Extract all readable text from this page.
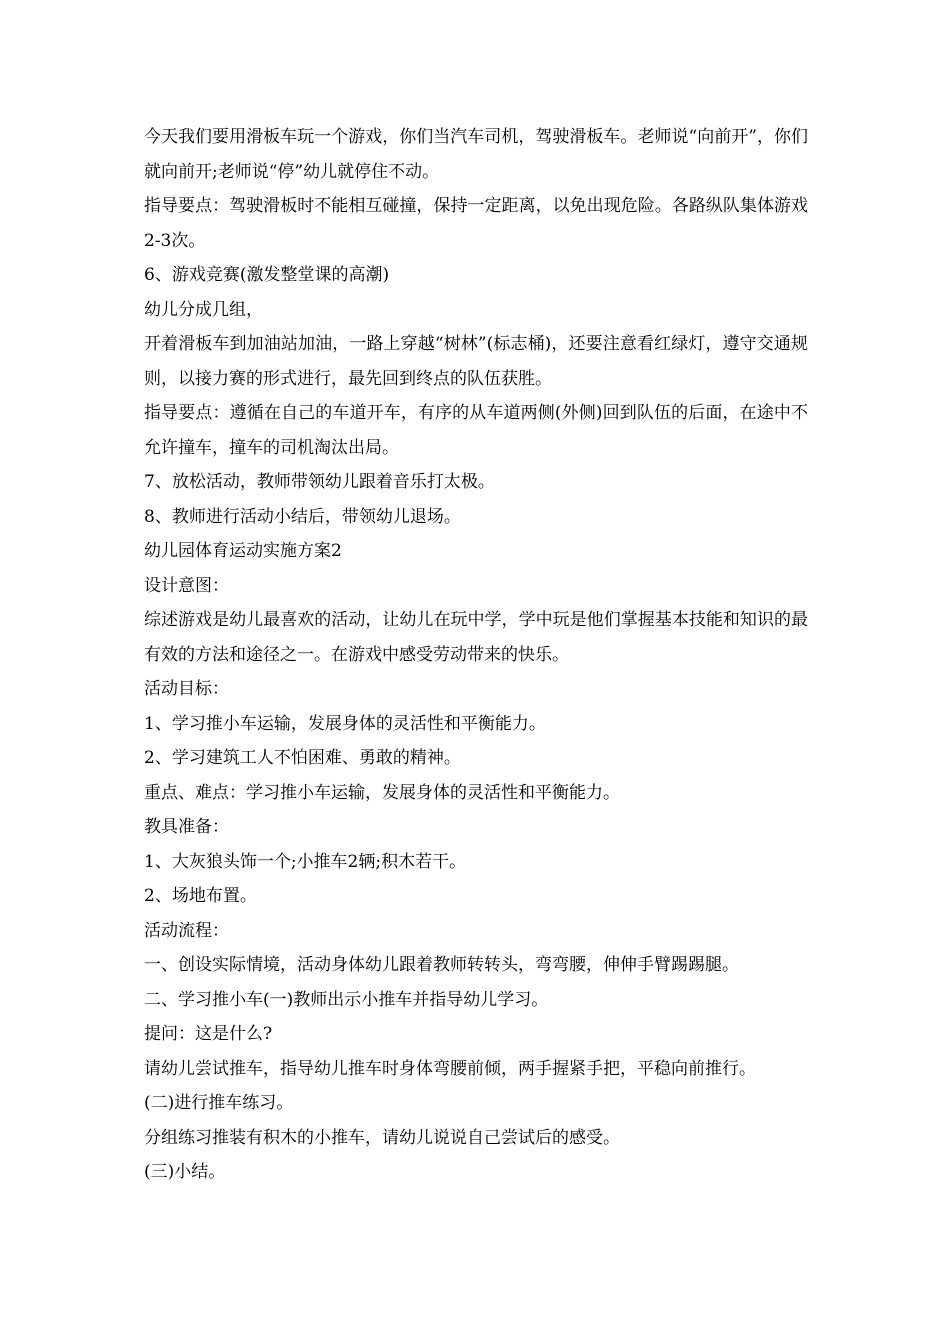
今天我们要用滑板车玩一个游戏，你们当汽车司机，驾驶滑板车。老师说“向前开”，你们就向前开;老师说“停”幼儿就停住不动。

指导要点：驾驶滑板时不能相互碰撞，保持一定距离，以免出现危险。各路纵队集体游戏2-3次。

6、游戏竞赛(激发整堂课的高潮)

幼儿分成几组，

开着滑板车到加油站加油，一路上穿越“树林”(标志桶)，还要注意看红绿灯，遵守交通规则，以接力赛的形式进行，最先回到终点的队伍获胜。

指导要点：遵循在自己的车道开车，有序的从车道两侧(外侧)回到队伍的后面，在途中不允许撞车，撞车的司机淘汰出局。

7、放松活动，教师带领幼儿跟着音乐打太极。

8、教师进行活动小结后，带领幼儿退场。

幼儿园体育运动实施方案2

设计意图：

综述游戏是幼儿最喜欢的活动，让幼儿在玩中学，学中玩是他们掌握基本技能和知识的最有效的方法和途径之一。在游戏中感受劳动带来的快乐。

活动目标：

1、学习推小车运输，发展身体的灵活性和平衡能力。

2、学习建筑工人不怕困难、勇敢的精神。

重点、难点：学习推小车运输，发展身体的灵活性和平衡能力。

教具准备：

1、大灰狼头饰一个;小推车2辆;积木若干。

2、场地布置。

活动流程：

一、创设实际情境，活动身体幼儿跟着教师转转头，弯弯腰，伸伸手臂踢踢腿。

二、学习推小车(一)教师出示小推车并指导幼儿学习。

提问：这是什么?

请幼儿尝试推车，指导幼儿推车时身体弯腰前倾，两手握紧手把，平稳向前推行。

(二)进行推车练习。

分组练习推装有积木的小推车，请幼儿说说自己尝试后的感受。

(三)小结。
